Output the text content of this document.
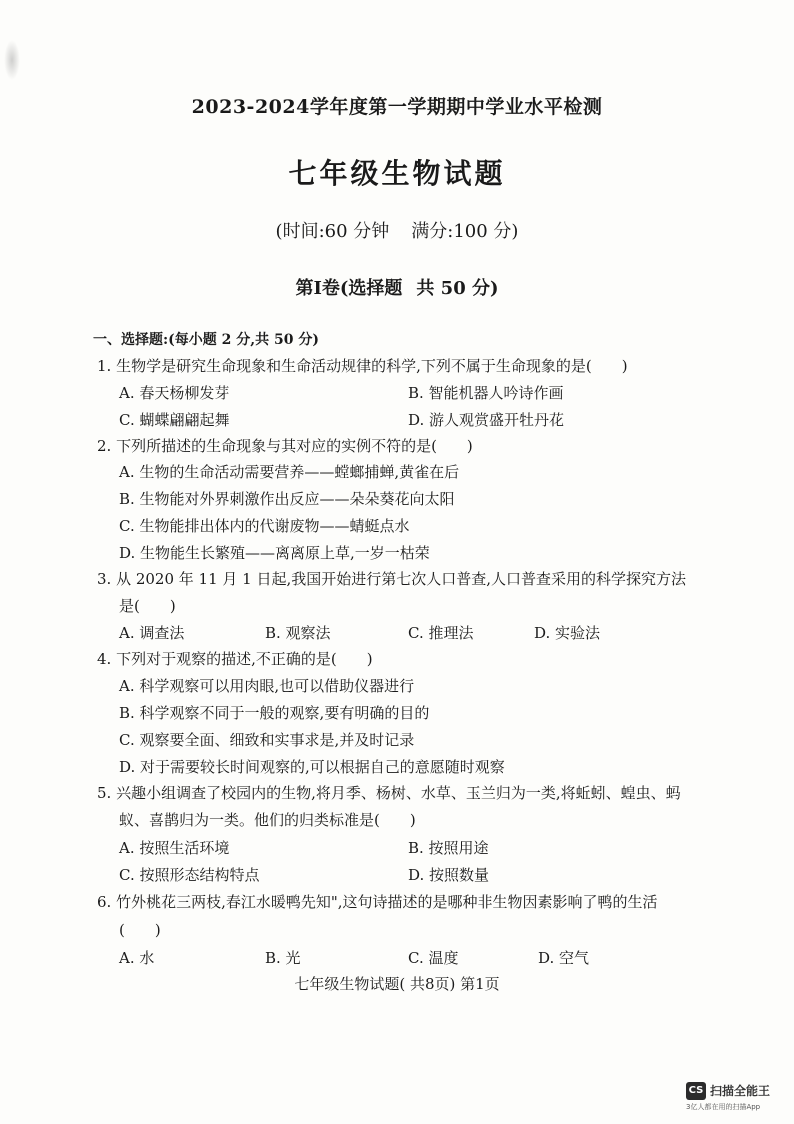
2023-2024学年度第一学期期中学业水平检测
七年级生物试题
(时间:60 分钟 满分:100 分)
第Ⅰ卷(选择题 共 50 分)
一、选择题:(每小题 2 分,共 50 分)
1. 生物学是研究生命现象和生命活动规律的科学,下列不属于生命现象的是(　　)
A. 春天杨柳发芽	B. 智能机器人吟诗作画
C. 蝴蝶翩翩起舞	D. 游人观赏盛开牡丹花
2. 下列所描述的生命现象与其对应的实例不符的是(　　)
A. 生物的生命活动需要营养——螳螂捕蝉,黄雀在后
B. 生物能对外界刺激作出反应——朵朵葵花向太阳
C. 生物能排出体内的代谢废物——蜻蜓点水
D. 生物能生长繁殖——离离原上草,一岁一枯荣
3. 从 2020 年 11 月 1 日起,我国开始进行第七次人口普查,人口普查采用的科学探究方法
是(　　)
A. 调查法	B. 观察法	C. 推理法	D. 实验法
4. 下列对于观察的描述,不正确的是(　　)
A. 科学观察可以用肉眼,也可以借助仪器进行
B. 科学观察不同于一般的观察,要有明确的目的
C. 观察要全面、细致和实事求是,并及时记录
D. 对于需要较长时间观察的,可以根据自己的意愿随时观察
5. 兴趣小组调查了校园内的生物,将月季、杨树、水草、玉兰归为一类,将蚯蚓、蝗虫、蚂
蚁、喜鹊归为一类。他们的归类标准是(　　)
A. 按照生活环境	B. 按照用途
C. 按照形态结构特点	D. 按照数量
6. 竹外桃花三两枝,春江水暖鸭先知",这句诗描述的是哪种非生物因素影响了鸭的生活
(　　)
A. 水	B. 光	C. 温度	D. 空气
七年级生物试题( 共8页) 第1页
CS 扫描全能王
3亿人都在用的扫描App
